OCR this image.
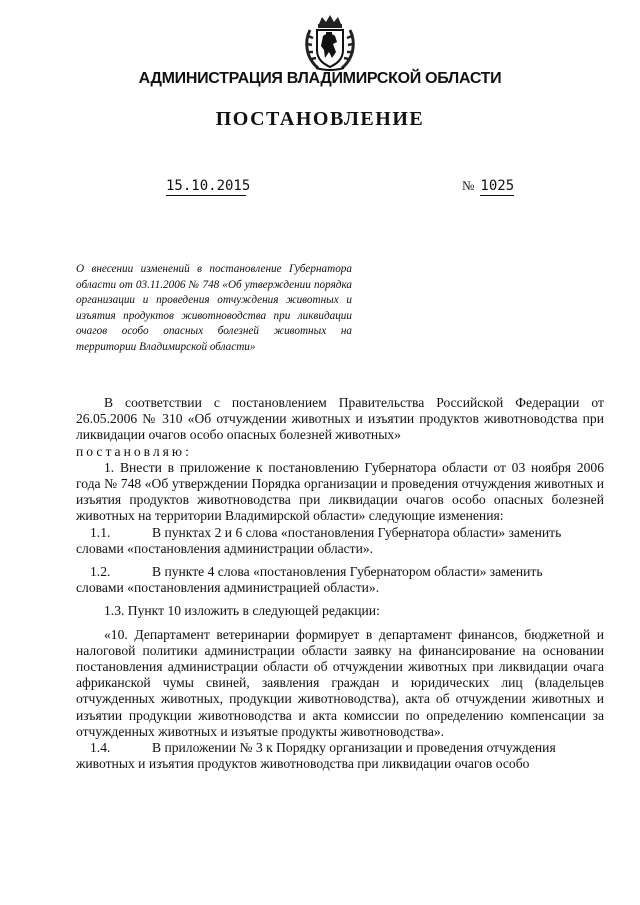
АДМИНИСТРАЦИЯ ВЛАДИМИРСКОЙ ОБЛАСТИ
ПОСТАНОВЛЕНИЕ
15.10.2015	№ 1025
О внесении изменений в постановление Губернатора области от 03.11.2006 № 748 «Об утверждении порядка организации и проведения отчуждения животных и изъятия продуктов животноводства при ликвидации очагов особо опасных болезней животных на территории Владимирской области»

В соответствии с постановлением Правительства Российской Федерации от 26.05.2006 № 310 «Об отчуждении животных и изъятии продуктов животноводства при ликвидации очагов особо опасных болезней животных»

постановляю:

1. Внести в приложение к постановлению Губернатора области от 03 ноября 2006 года № 748 «Об утверждении Порядка организации и проведения отчуждения животных и изъятия продуктов животноводства при ликвидации очагов особо опасных болезней животных на территории Владимирской области» следующие изменения:

1.1.	В пунктах 2 и 6 слова «постановления Губернатора области» заменить

словами «постановления администрации области».

1.2.	В пункте 4 слова «постановления Губернатором области» заменить

словами «постановления администрацией области».

1.3. Пункт 10 изложить в следующей редакции:

«10. Департамент ветеринарии формирует в департамент финансов, бюджетной и налоговой политики администрации области заявку на финансирование на основании постановления администрации области об отчуждении животных при ликвидации очага африканской чумы свиней, заявления граждан и юридических лиц (владельцев отчужденных животных, продукции животноводства), акта об отчуждении животных и изъятии продукции животноводства и акта комиссии по определению компенсации за отчужденных животных и изъятые продукты животноводства».

1.4.	В приложении № 3 к Порядку организации и проведения отчуждения

животных и изъятия продуктов животноводства при ликвидации очагов особо
